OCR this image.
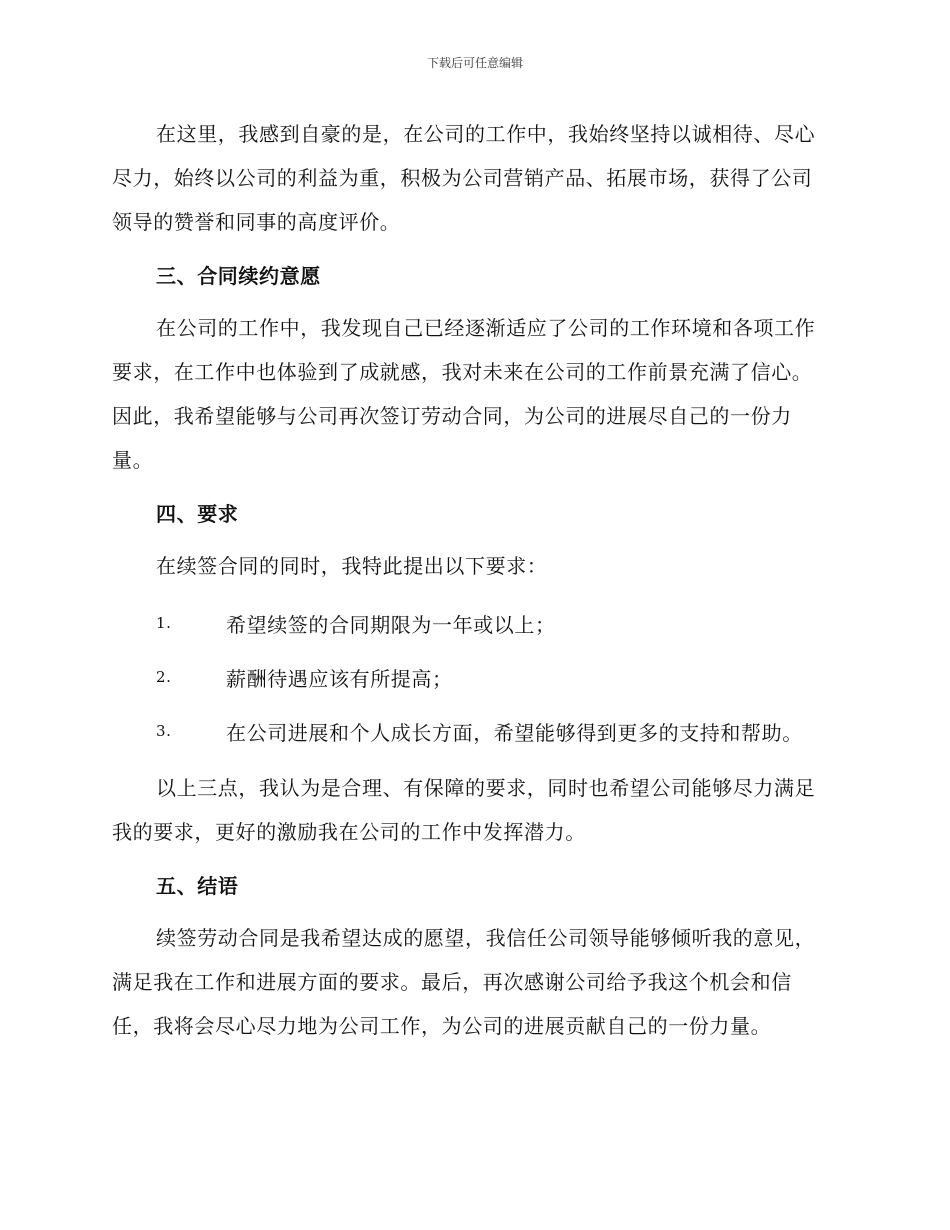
下载后可任意编辑

在这里，我感到自豪的是，在公司的工作中，我始终坚持以诚相待、尽心尽力，始终以公司的利益为重，积极为公司营销产品、拓展市场，获得了公司领导的赞誉和同事的高度评价。

三、合同续约意愿

在公司的工作中，我发现自己已经逐渐适应了公司的工作环境和各项工作要求，在工作中也体验到了成就感，我对未来在公司的工作前景充满了信心。因此，我希望能够与公司再次签订劳动合同，为公司的进展尽自己的一份力量。

四、要求

在续签合同的同时，我特此提出以下要求：

1.	希望续签的合同期限为一年或以上；
2.	薪酬待遇应该有所提高；
3.	在公司进展和个人成长方面，希望能够得到更多的支持和帮助。

以上三点，我认为是合理、有保障的要求，同时也希望公司能够尽力满足我的要求，更好的激励我在公司的工作中发挥潜力。

五、结语

续签劳动合同是我希望达成的愿望，我信任公司领导能够倾听我的意见，满足我在工作和进展方面的要求。最后，再次感谢公司给予我这个机会和信任，我将会尽心尽力地为公司工作，为公司的进展贡献自己的一份力量。
